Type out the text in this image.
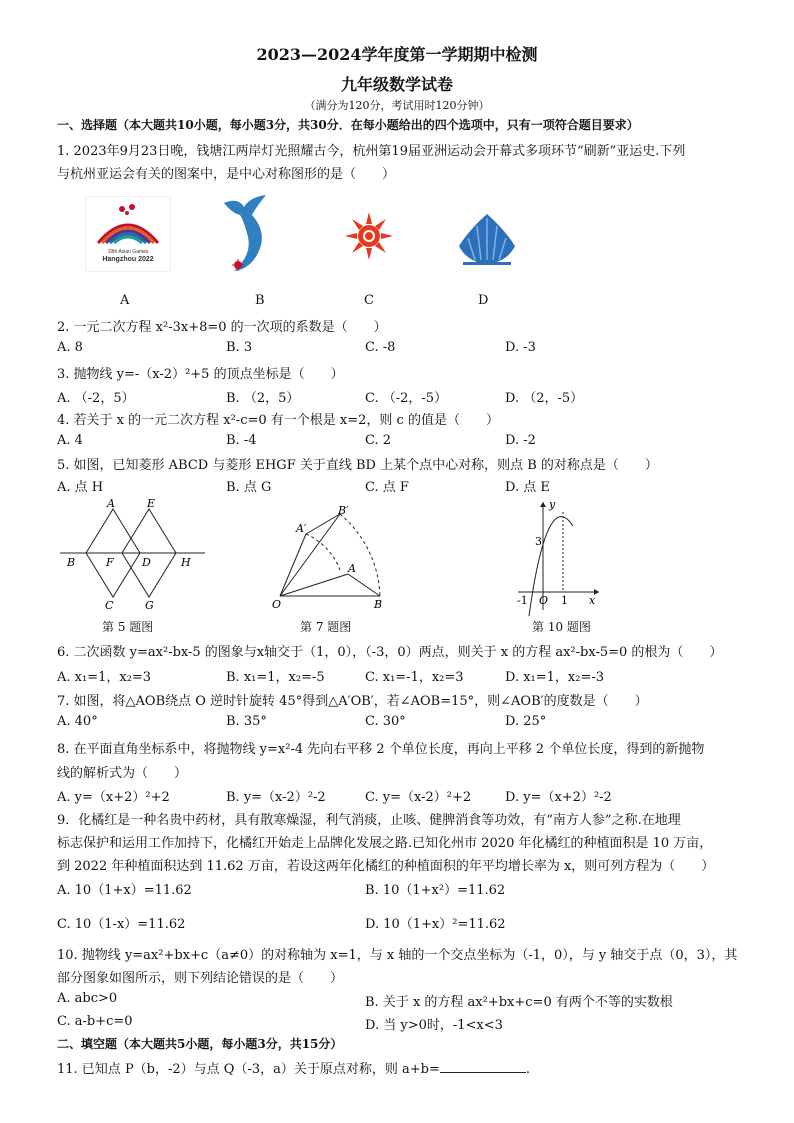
2023—2024学年度第一学期期中检测
九年级数学试卷
（满分为120分，考试用时120分钟）
一、选择题（本大题共10小题，每小题3分，共30分．在每小题给出的四个选项中，只有一项符合题目要求）
1. 2023年9月23日晚，钱塘江两岸灯光照耀古今，杭州第19届亚洲运动会开幕式多项环节“刷新”亚运史.下列
与杭州亚运会有关的图案中，是中心对称图形的是（　　）
19th Asian Games
Hangzhou 2022
A	B	C	D
2. 一元二次方程 x²-3x+8=0 的一次项的系数是（　　）
A. 8	B. 3	C. -8	D. -3
3. 抛物线 y=-（x-2）²+5 的顶点坐标是（　　）
A. （-2，5）	B. （2，5）	C. （-2，-5）	D. （2，-5）
4. 若关于 x 的一元二次方程 x²-c=0 有一个根是 x=2，则 c 的值是（　　）
A. 4	B. -4	C. 2	D. -2
5. 如图，已知菱形 ABCD 与菱形 EHGF 关于直线 BD 上某个点中心对称，则点 B 的对称点是（　　）
A. 点 H	B. 点 G	C. 点 F	D. 点 E
A	E
B	F	D	H
C	G
第 5 题图
A′
B′
A
O	B
第 7 题图
y
3
-1 O 1 x
第 10 题图
6. 二次函数 y=ax²-bx-5 的图象与x轴交于（1，0），（-3，0）两点，则关于 x 的方程 ax²-bx-5=0 的根为（　　）
A. x₁=1，x₂=3	B. x₁=1，x₂=-5	C. x₁=-1，x₂=3	D. x₁=1，x₂=-3
7. 如图，将△AOB绕点 O 逆时针旋转 45°得到△A′OB′，若∠AOB=15°，则∠AOB′的度数是（　　）
A. 40°	B. 35°	C. 30°	D. 25°
8. 在平面直角坐标系中，将抛物线 y=x²-4 先向右平移 2 个单位长度，再向上平移 2 个单位长度，得到的新抛物
线的解析式为（　　）
A. y=（x+2）²+2	B. y=（x-2）²-2	C. y=（x-2）²+2	D. y=（x+2）²-2
9．化橘红是一种名贵中药材，具有散寒燥湿，利气消痰，止咳、健脾消食等功效，有“南方人参”之称.在地理
标志保护和运用工作加持下，化橘红开始走上品牌化发展之路.已知化州市 2020 年化橘红的种植面积是 10 万亩，
到 2022 年种植面积达到 11.62 万亩，若设这两年化橘红的种植面积的年平均增长率为 x，则可列方程为（　　）
A. 10（1+x）=11.62	B. 10（1+x²）=11.62
C. 10（1-x）=11.62	D. 10（1+x）²=11.62
10. 抛物线 y=ax²+bx+c（a≠0）的对称轴为 x=1，与 x 轴的一个交点坐标为（-1，0），与 y 轴交于点（0，3），其
部分图象如图所示，则下列结论错误的是（　　）
A. abc>0	B. 关于 x 的方程 ax²+bx+c=0 有两个不等的实数根
C. a-b+c=0	D. 当 y>0时，-1<x<3
二、填空题（本大题共5小题，每小题3分，共15分）
11. 已知点 P（b，-2）与点 Q（-3，a）关于原点对称，则 a+b=	.
